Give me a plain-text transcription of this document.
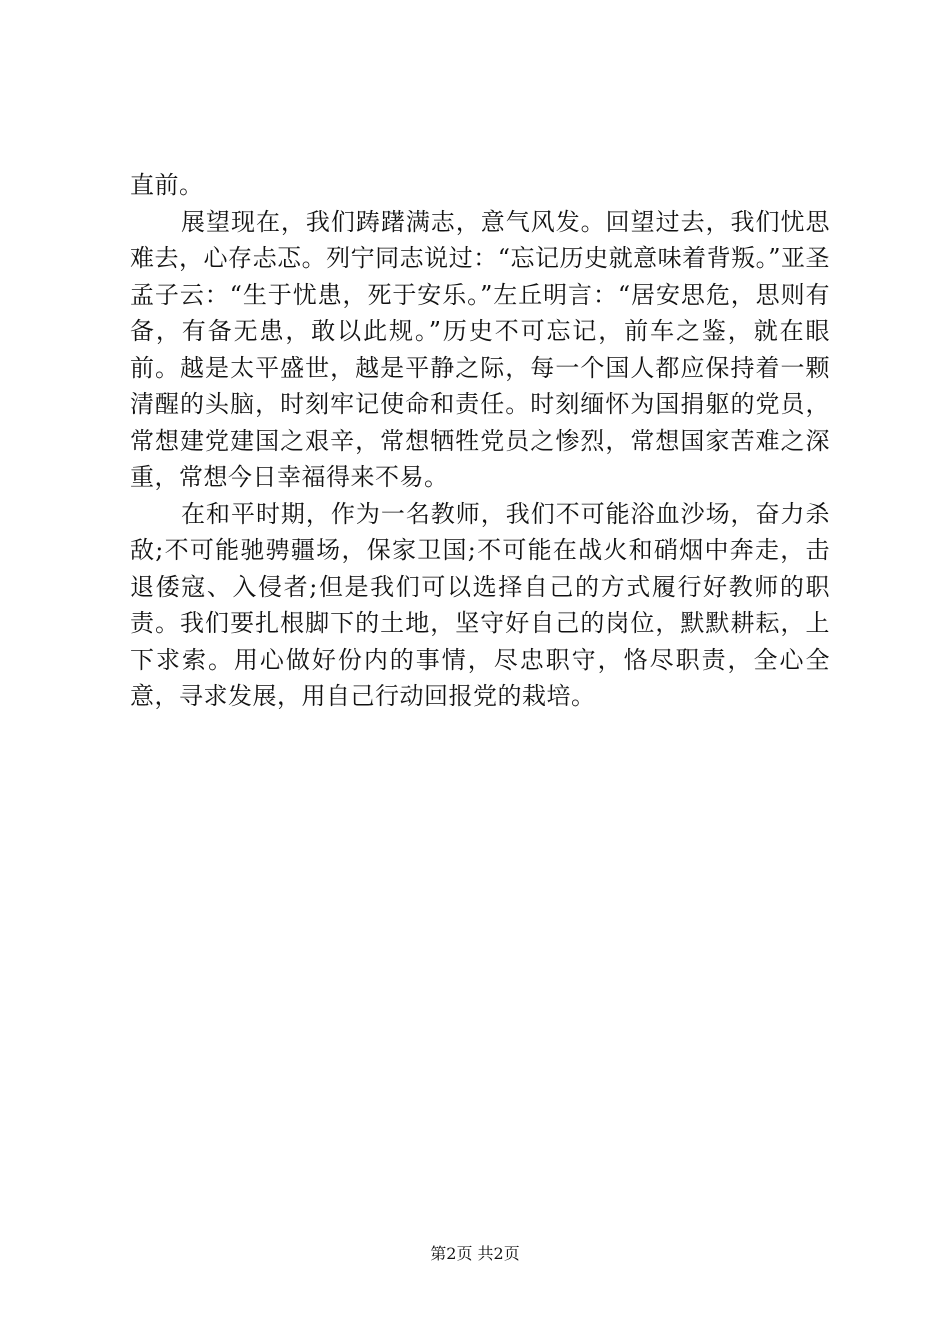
直前。

展望现在，我们踌躇满志，意气风发。回望过去，我们忧思难去，心存忐忑。列宁同志说过：“忘记历史就意味着背叛。”亚圣孟子云：“生于忧患，死于安乐。”左丘明言：“居安思危，思则有备，有备无患，敢以此规。”历史不可忘记，前车之鉴，就在眼前。越是太平盛世，越是平静之际，每一个国人都应保持着一颗清醒的头脑，时刻牢记使命和责任。时刻缅怀为国捐躯的党员，常想建党建国之艰辛，常想牺牲党员之惨烈，常想国家苦难之深重，常想今日幸福得来不易。

在和平时期，作为一名教师，我们不可能浴血沙场，奋力杀敌;不可能驰骋疆场，保家卫国;不可能在战火和硝烟中奔走，击退倭寇、入侵者;但是我们可以选择自己的方式履行好教师的职责。我们要扎根脚下的土地，坚守好自己的岗位，默默耕耘，上下求索。用心做好份内的事情，尽忠职守，恪尽职责，全心全意，寻求发展，用自己行动回报党的栽培。

第2页 共2页
